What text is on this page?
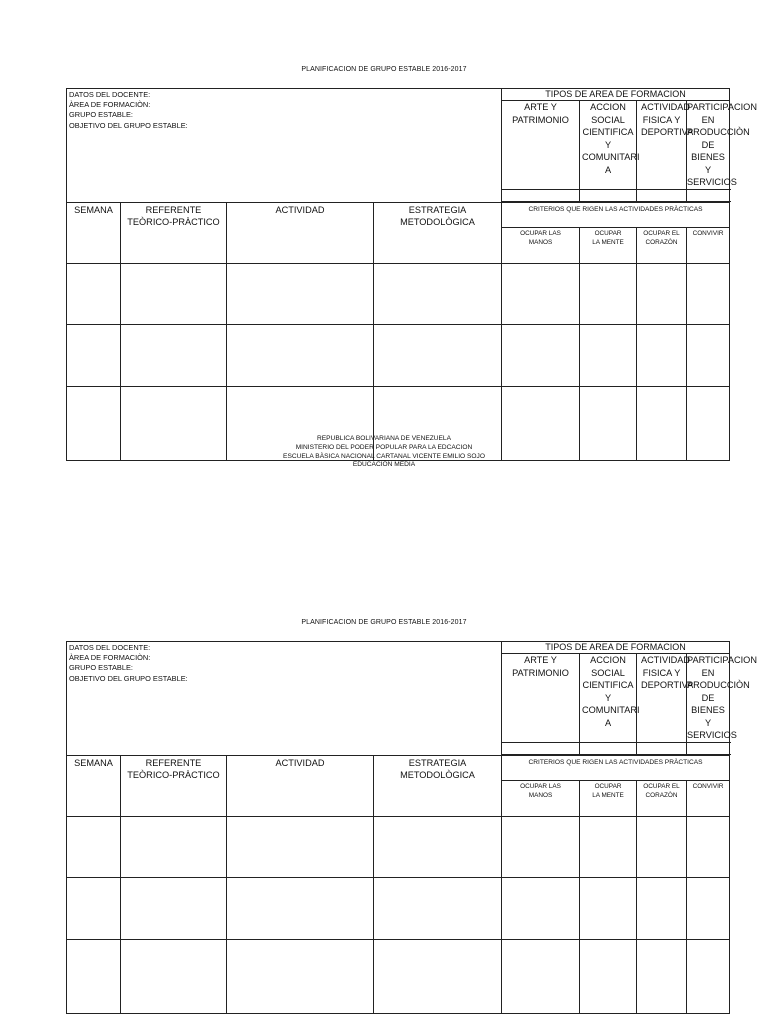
PLANIFICACION DE GRUPO ESTABLE 2016-2017
DATOS DEL DOCENTE:
ÀREA DE FORMACIÒN:
GRUPO ESTABLE:
OBJETIVO DEL GRUPO ESTABLE:				TIPOS DE AREA DE FORMACION			
				ARTE Y PATRIMONIO	ACCION SOCIAL CIENTIFICA Y COMUNITARI A	ACTIVIDAD FISICA Y DEPORTIVA	PARTICIPACION EN PRODUCCIÒN DE BIENES Y SERVICIOS

SEMANA	REFERENTE TEÒRICO-PRÀCTICO	ACTIVIDAD	ESTRATEGIA METODOLÒGICA	CRITERIOS QUE RIGEN LAS ACTIVIDADES PRÀCTICAS			
				OCUPAR LAS MANOS	OCUPAR LA MENTE	OCUPAR EL CORAZÒN	CONVIVIR

REPUBLICA BOLIVARIANA DE VENEZUELA
MINISTERIO DEL PODER POPULAR PARA LA EDCACION
ESCUELA BÀSICA NACIONAL CARTANAL VICENTE EMILIO SOJO
EDUCACIÒN MEDIA
PLANIFICACION DE GRUPO ESTABLE 2016-2017
DATOS DEL DOCENTE:
ÀREA DE FORMACIÒN:
GRUPO ESTABLE:
OBJETIVO DEL GRUPO ESTABLE:				TIPOS DE AREA DE FORMACION			
				ARTE Y PATRIMONIO	ACCION SOCIAL CIENTIFICA Y COMUNITARI A	ACTIVIDAD FISICA Y DEPORTIVA	PARTICIPACION EN PRODUCCIÒN DE BIENES Y SERVICIOS

SEMANA	REFERENTE TEÒRICO-PRÀCTICO	ACTIVIDAD	ESTRATEGIA METODOLÒGICA	CRITERIOS QUE RIGEN LAS ACTIVIDADES PRÀCTICAS			
				OCUPAR LAS MANOS	OCUPAR LA MENTE	OCUPAR EL CORAZÒN	CONVIVIR
